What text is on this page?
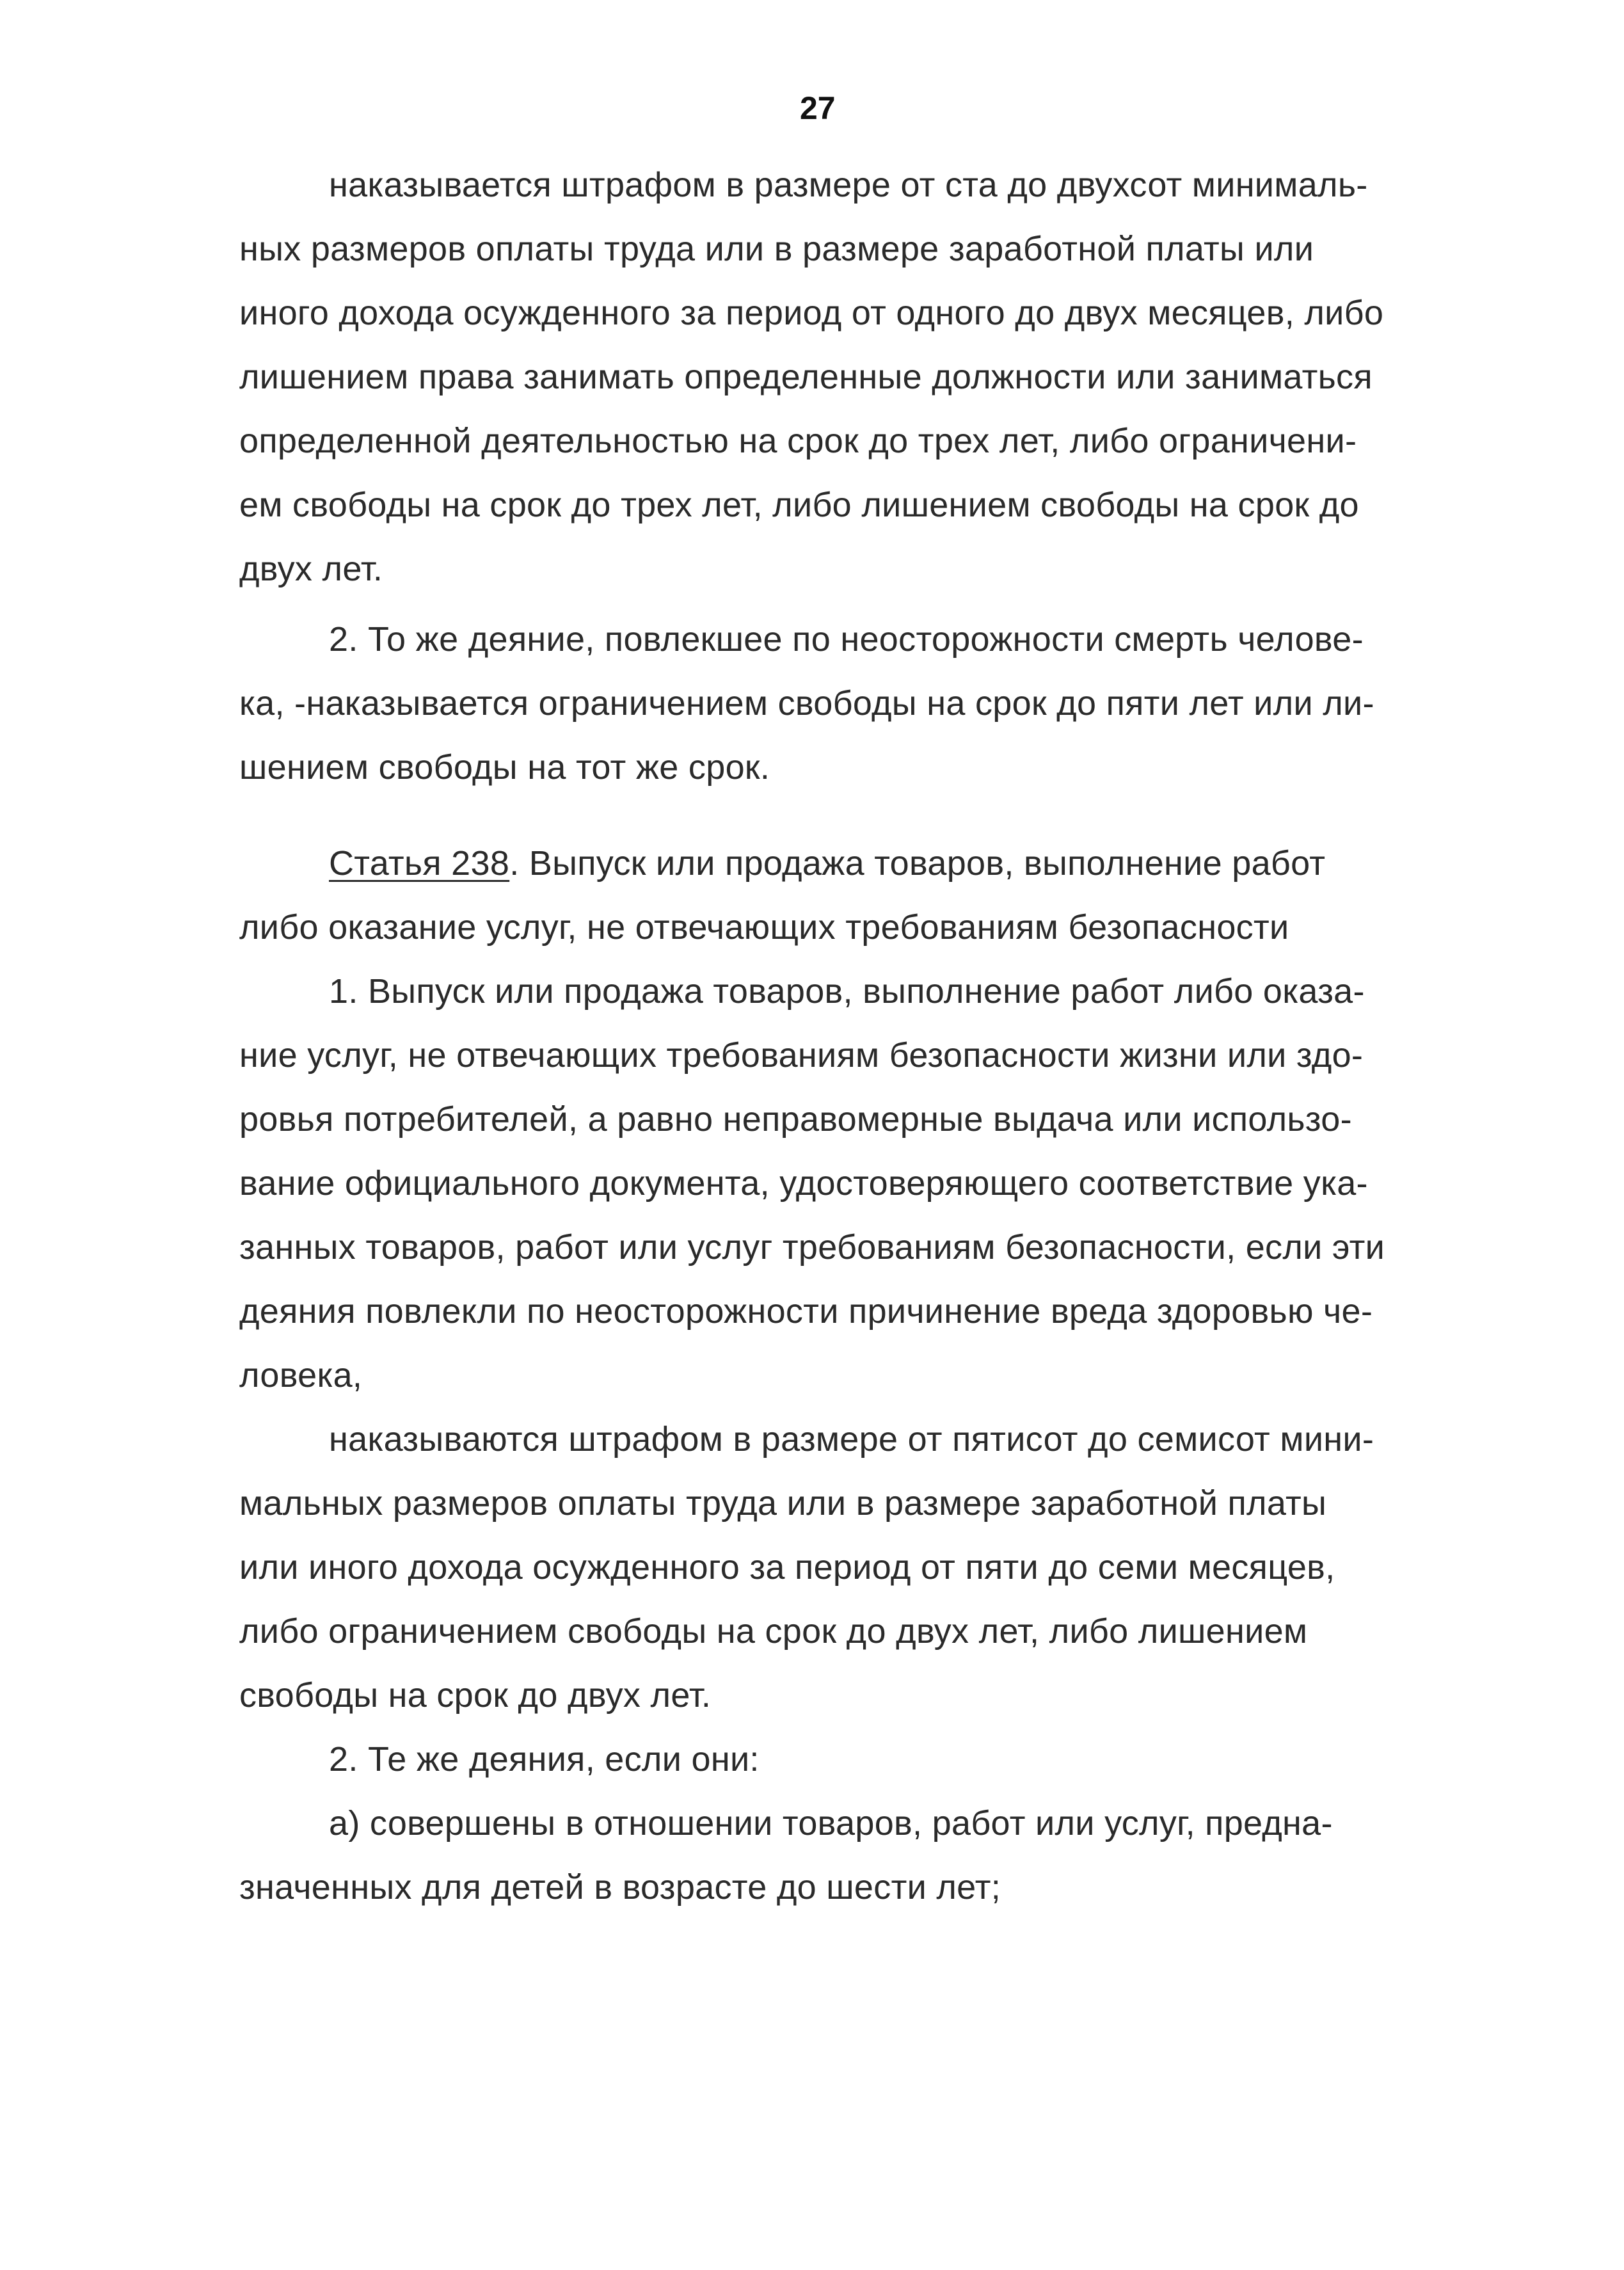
27
наказывается штрафом в размере от ста до двухсот минималь-
ных размеров оплаты труда или в размере заработной платы или
иного дохода осужденного за период от одного до двух месяцев, либо
лишением права занимать определенные должности или заниматься
определенной деятельностью на срок до трех лет, либо ограничени-
ем свободы на срок до трех лет, либо лишением свободы на срок до
двух лет.
2. То же деяние, повлекшее по неосторожности смерть челове-
ка, -наказывается ограничением свободы на срок до пяти лет или ли-
шением свободы на тот же срок.
Статья 238. Выпуск или продажа товаров, выполнение работ
либо оказание услуг, не отвечающих требованиям безопасности
1. Выпуск или продажа товаров, выполнение работ либо оказа-
ние услуг, не отвечающих требованиям безопасности жизни или здо-
ровья потребителей, а равно неправомерные выдача или использо-
вание официального документа, удостоверяющего соответствие ука-
занных товаров, работ или услуг требованиям безопасности, если эти
деяния повлекли по неосторожности причинение вреда здоровью че-
ловека,
наказываются штрафом в размере от пятисот до семисот мини-
мальных размеров оплаты труда или в размере заработной платы
или иного дохода осужденного за период от пяти до семи месяцев,
либо ограничением свободы на срок до двух лет, либо лишением
свободы на срок до двух лет.
2. Те же деяния, если они:
а) совершены в отношении товаров, работ или услуг, предна-
значенных для детей в возрасте до шести лет;
